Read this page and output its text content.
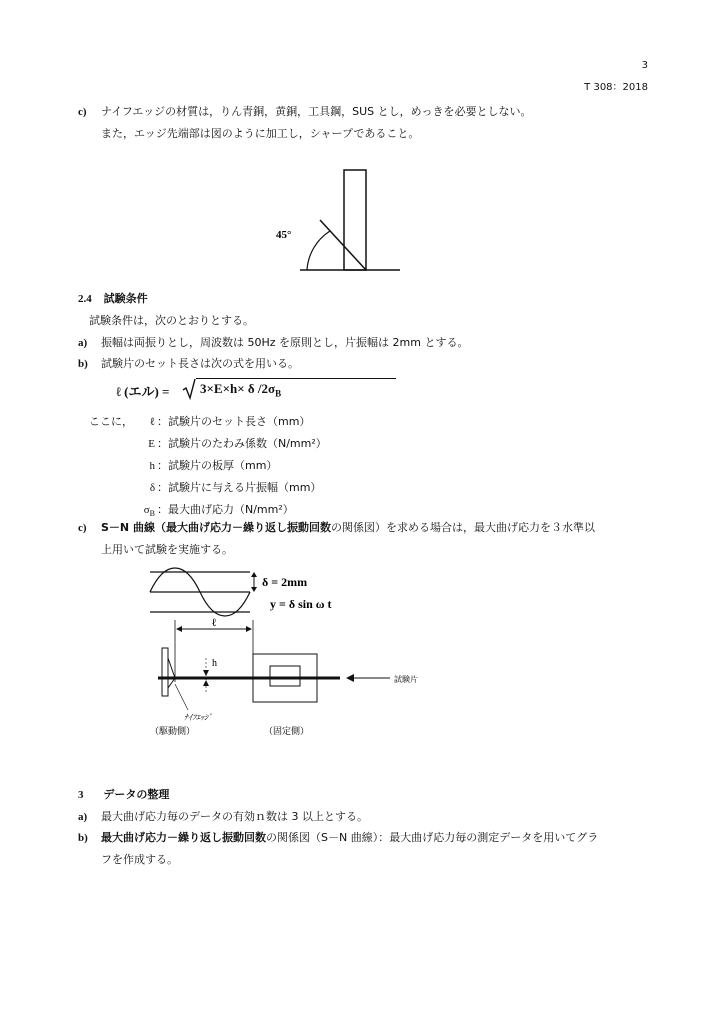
3
T 308：2018
c) ナイフエッジの材質は，りん青銅，黄銅，工具鋼，SUS とし，めっきを必要としない。
また，エッジ先端部は図のように加工し，シャープであること。
45°
2.4 試験条件
試験条件は，次のとおりとする。
a) 振幅は両振りとし，周波数は 50Hz を原則とし，片振幅は 2mm とする。
b) 試験片のセット長さは次の式を用いる。
ℓ (エル) = 3×E×h× δ $/2\sigma_B$
ここに，	ℓ ：試験片のセット長さ（mm）
E ：試験片のたわみ係数（N/mm²）
h ：試験片の板厚（mm）
δ ：試験片に与える片振幅（mm）
$\sigma_B$ ：最大曲げ応力（N/mm²）
c) S－N 曲線（最大曲げ応力－繰り返し振動回数の関係図）を求める場合は，最大曲げ応力を３水準以
上用いて試験を実施する。
δ = 2mm
y = δ sin ω t
ℓ
h
ﾅｲﾌｴｯｼﾞ
試験片
（駆動側）	（固定側）
3 データの整理
a) 最大曲げ応力毎のデータの有効ｎ数は 3 以上とする。
b) 最大曲げ応力－繰り返し振動回数の関係図（S－N 曲線）：最大曲げ応力毎の測定データを用いてグラ
フを作成する。
